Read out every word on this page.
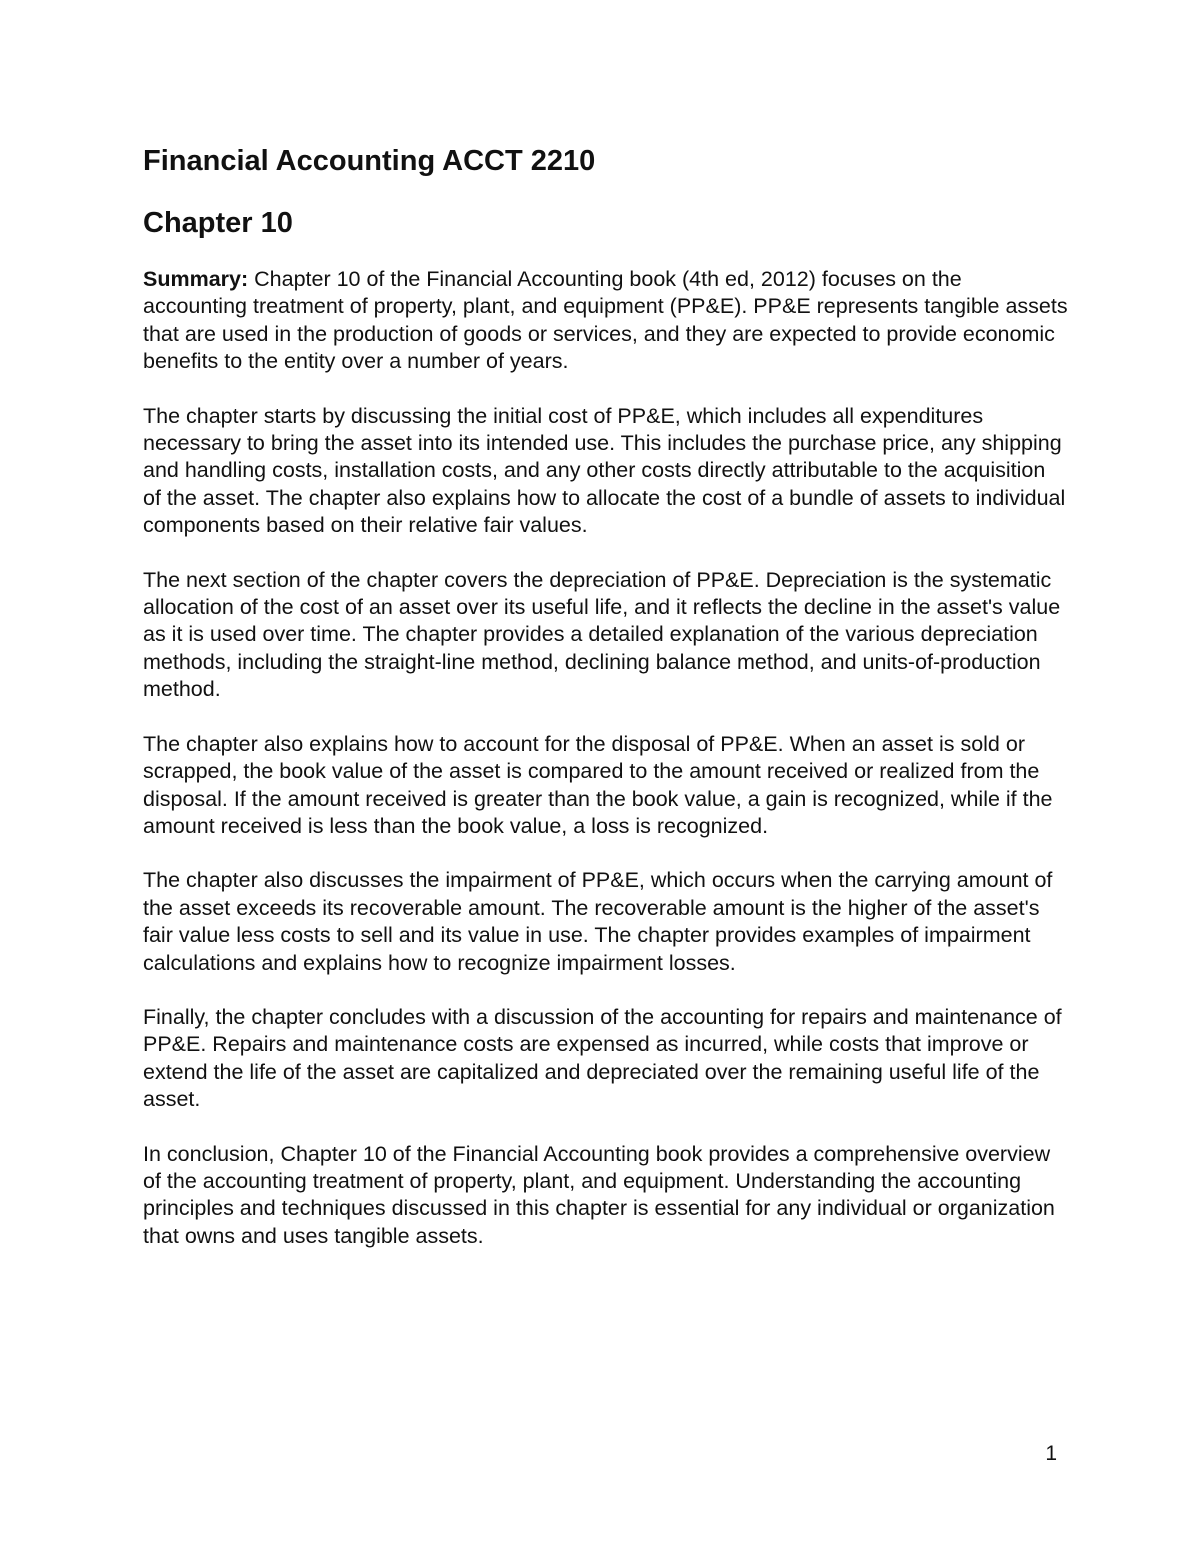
Financial Accounting ACCT 2210
Chapter 10

Summary: Chapter 10 of the Financial Accounting book (4th ed, 2012) focuses on the accounting treatment of property, plant, and equipment (PP&E). PP&E represents tangible assets that are used in the production of goods or services, and they are expected to provide economic benefits to the entity over a number of years.

The chapter starts by discussing the initial cost of PP&E, which includes all expenditures necessary to bring the asset into its intended use. This includes the purchase price, any shipping and handling costs, installation costs, and any other costs directly attributable to the acquisition of the asset. The chapter also explains how to allocate the cost of a bundle of assets to individual components based on their relative fair values.

The next section of the chapter covers the depreciation of PP&E. Depreciation is the systematic allocation of the cost of an asset over its useful life, and it reflects the decline in the asset's value as it is used over time. The chapter provides a detailed explanation of the various depreciation methods, including the straight-line method, declining balance method, and units-of-production method.

The chapter also explains how to account for the disposal of PP&E. When an asset is sold or scrapped, the book value of the asset is compared to the amount received or realized from the disposal. If the amount received is greater than the book value, a gain is recognized, while if the amount received is less than the book value, a loss is recognized.

The chapter also discusses the impairment of PP&E, which occurs when the carrying amount of the asset exceeds its recoverable amount. The recoverable amount is the higher of the asset's fair value less costs to sell and its value in use. The chapter provides examples of impairment calculations and explains how to recognize impairment losses.

Finally, the chapter concludes with a discussion of the accounting for repairs and maintenance of PP&E. Repairs and maintenance costs are expensed as incurred, while costs that improve or extend the life of the asset are capitalized and depreciated over the remaining useful life of the asset.

In conclusion, Chapter 10 of the Financial Accounting book provides a comprehensive overview of the accounting treatment of property, plant, and equipment. Understanding the accounting principles and techniques discussed in this chapter is essential for any individual or organization that owns and uses tangible assets.

1
